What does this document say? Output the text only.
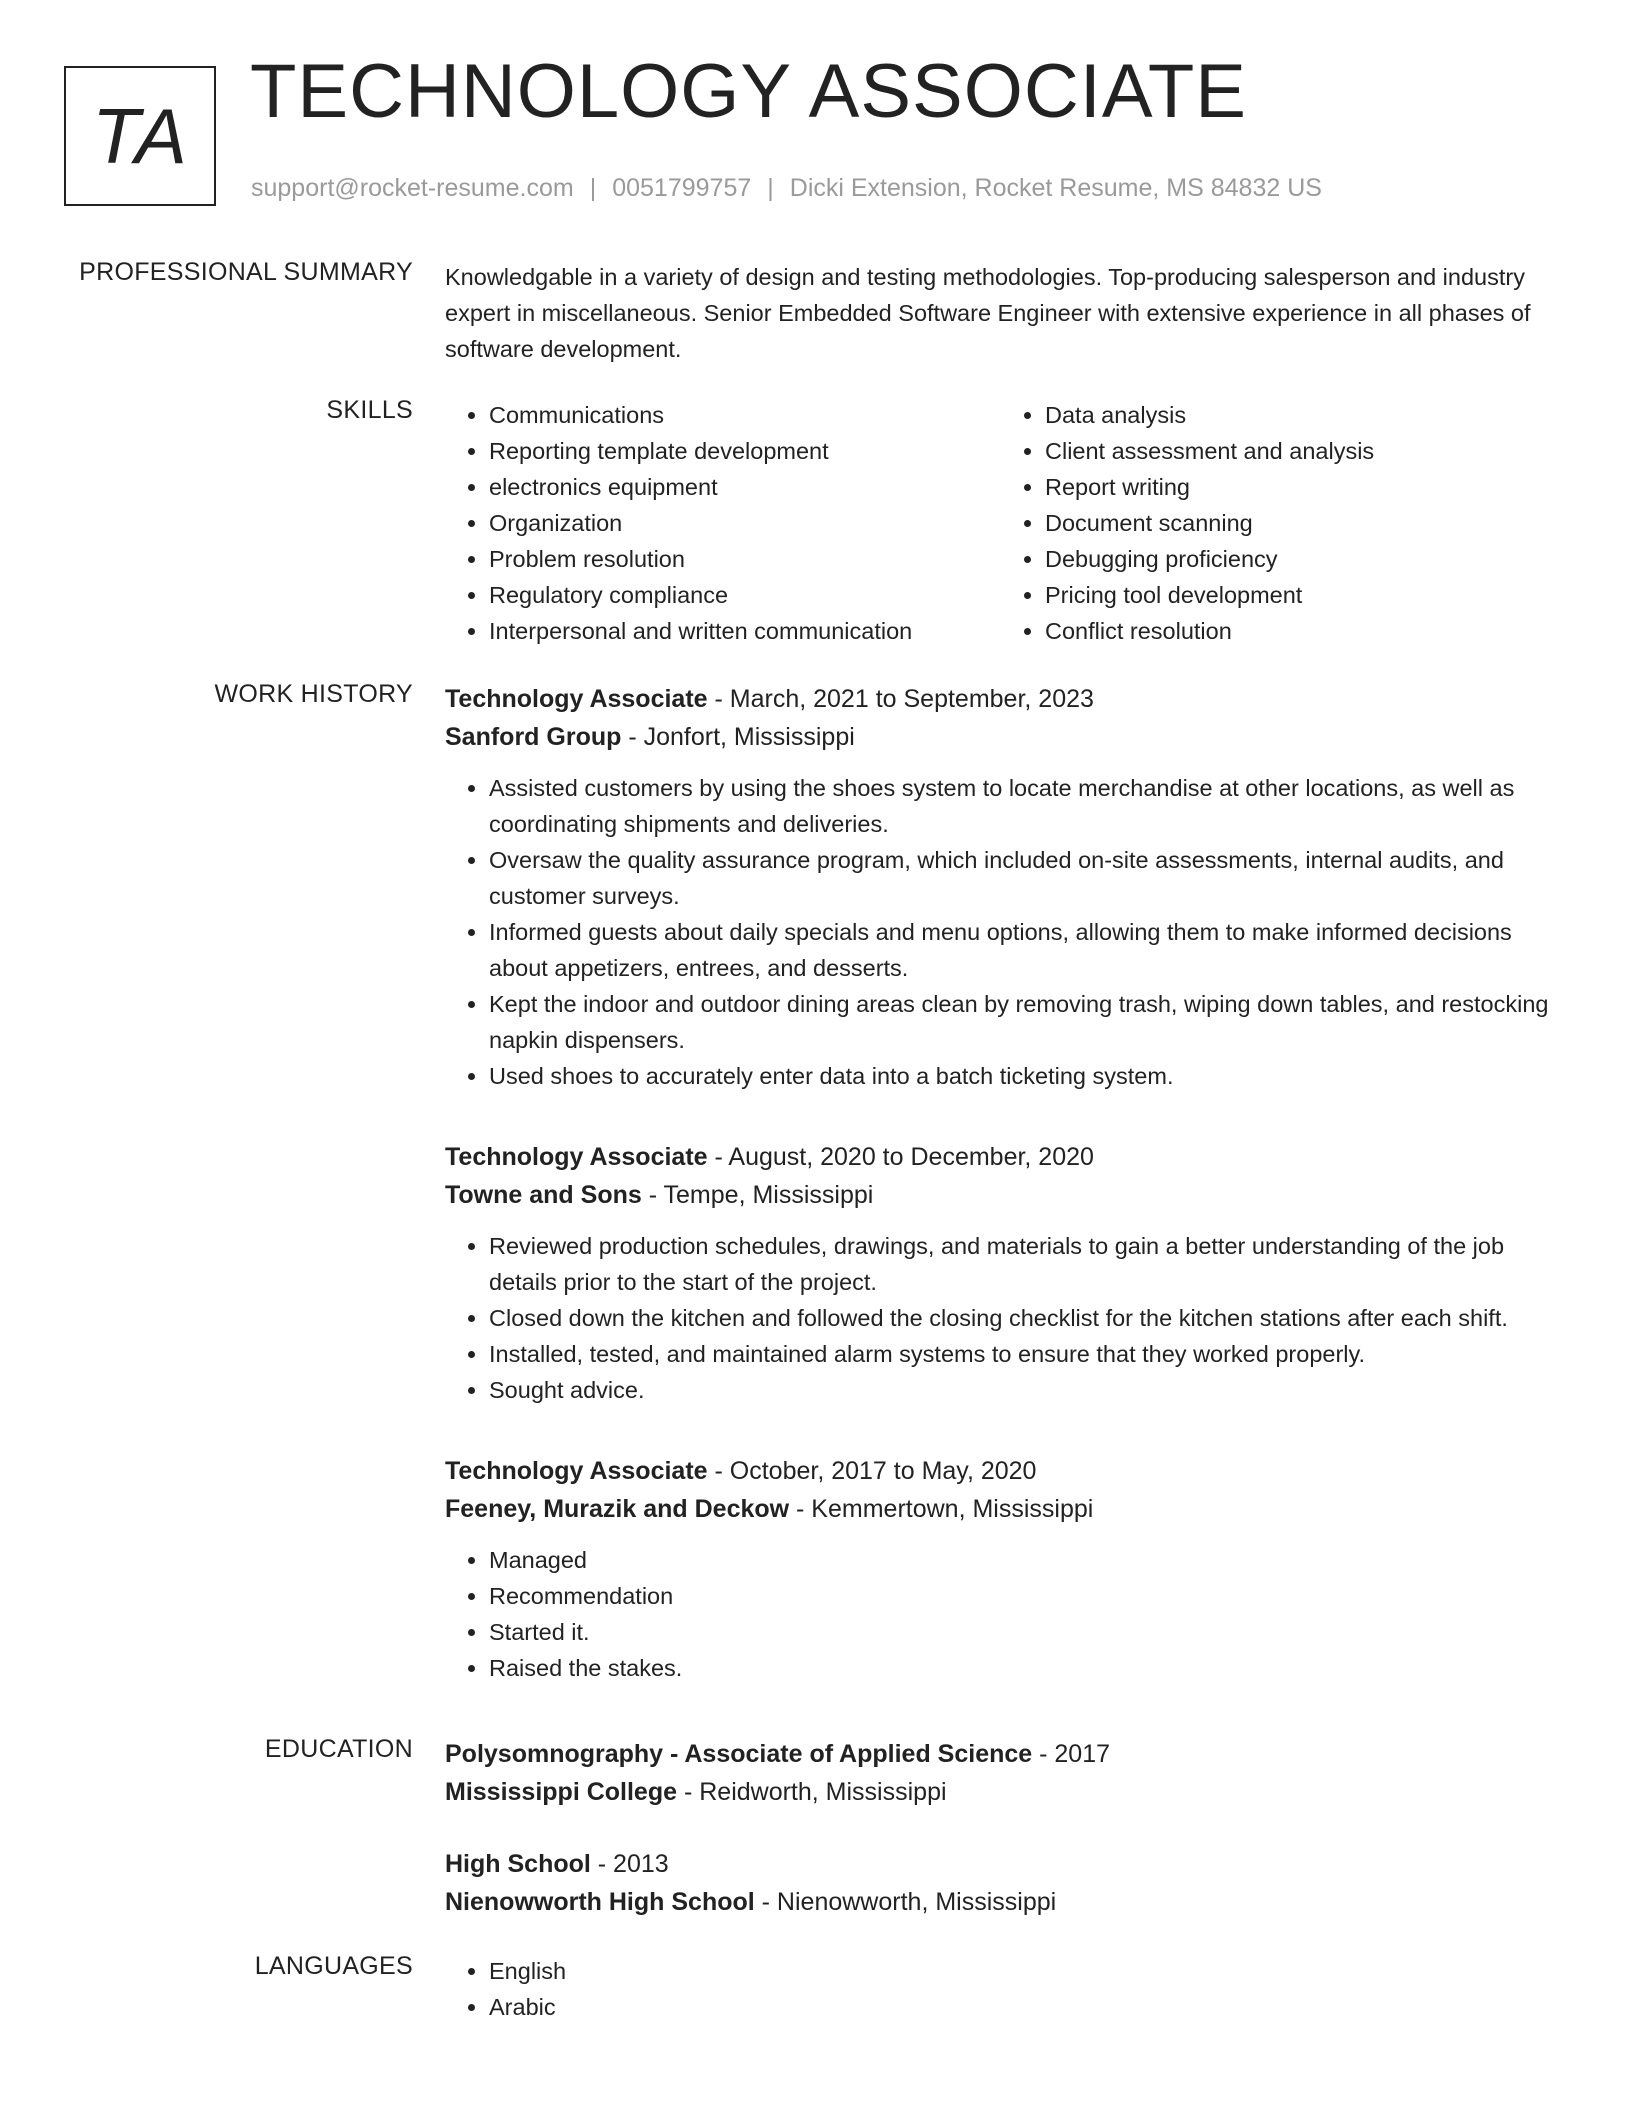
TA TECHNOLOGY ASSOCIATE
support@rocket-resume.com | 0051799757 | Dicki Extension, Rocket Resume, MS 84832 US
PROFESSIONAL SUMMARY Knowledgable in a variety of design and testing methodologies. Top-producing salesperson and industry expert in miscellaneous. Senior Embedded Software Engineer with extensive experience in all phases of software development.

SKILLS	• Communications
• Reporting template development
• electronics equipment
• Organization
• Problem resolution
• Regulatory compliance
• Interpersonal and written communication
• Data analysis
• Client assessment and analysis
• Report writing
• Document scanning
• Debugging proficiency
• Pricing tool development
• Conflict resolution
WORK HISTORY Technology Associate - March, 2021 to September, 2023
Sanford Group - Jonfort, Mississippi
• Assisted customers by using the shoes system to locate merchandise at other locations, as well as coordinating shipments and deliveries.
• Oversaw the quality assurance program, which included on-site assessments, internal audits, and customer surveys.
• Informed guests about daily specials and menu options, allowing them to make informed decisions about appetizers, entrees, and desserts.
• Kept the indoor and outdoor dining areas clean by removing trash, wiping down tables, and restocking napkin dispensers.
• Used shoes to accurately enter data into a batch ticketing system.
Technology Associate - August, 2020 to December, 2020
Towne and Sons - Tempe, Mississippi
• Reviewed production schedules, drawings, and materials to gain a better understanding of the job details prior to the start of the project.
• Closed down the kitchen and followed the closing checklist for the kitchen stations after each shift.
• Installed, tested, and maintained alarm systems to ensure that they worked properly.
• Sought advice.
Technology Associate - October, 2017 to May, 2020
Feeney, Murazik and Deckow - Kemmertown, Mississippi
• Managed
• Recommendation
• Started it.
• Raised the stakes.
EDUCATION Polysomnography - Associate of Applied Science - 2017
Mississippi College - Reidworth, Mississippi
High School - 2013
Nienowworth High School - Nienowworth, Mississippi
LANGUAGES	• English
• Arabic
